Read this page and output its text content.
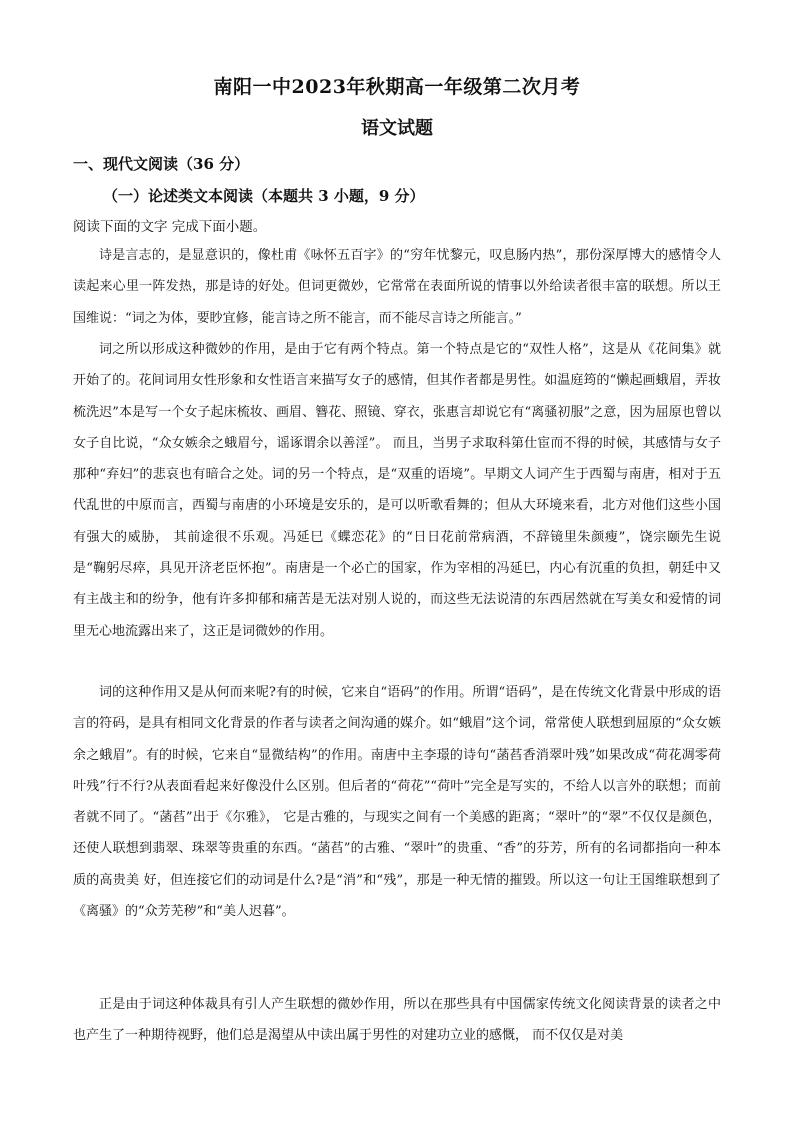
南阳一中2023年秋期高一年级第二次月考
语文试题
一、现代文阅读（36 分）
（一）论述类文本阅读（本题共 3 小题，9 分）
阅读下面的文字 完成下面小题。

诗是言志的，是显意识的，像杜甫《咏怀五百字》的“穷年忧黎元，叹息肠内热”，那份深厚博大的感情令人读起来心里一阵发热，那是诗的好处。但词更微妙，它常常在表面所说的情事以外给读者很丰富的联想。所以王国维说：“词之为体，要眇宜修，能言诗之所不能言，而不能尽言诗之所能言。”

词之所以形成这种微妙的作用，是由于它有两个特点。第一个特点是它的“双性人格”，这是从《花间集》就开始了的。花间词用女性形象和女性语言来描写女子的感情，但其作者都是男性。如温庭筠的“懒起画蛾眉，弄妆梳洗迟”本是写一个女子起床梳妆、画眉、簪花、照镜、穿衣，张惠言却说它有“离骚初服”之意，因为屈原也曾以女子自比说，“众女嫉余之蛾眉兮，谣诼谓余以善淫”。 而且，当男子求取科第仕宦而不得的时候，其感情与女子那种“弃妇”的悲哀也有暗合之处。词的另一个特点，是“双重的语境”。早期文人词产生于西蜀与南唐，相对于五代乱世的中原而言，西蜀与南唐的小环境是安乐的，是可以听歌看舞的；但从大环境来看，北方对他们这些小国有强大的威胁， 其前途很不乐观。冯延巳《蝶恋花》的“日日花前常病酒，不辞镜里朱颜瘦”，饶宗颐先生说是“鞠躬尽瘁，具见开济老臣怀抱”。南唐是一个必亡的国家，作为宰相的冯延巳，内心有沉重的负担，朝廷中又有主战主和的纷争，他有许多抑郁和痛苦是无法对别人说的，而这些无法说清的东西居然就在写美女和爱情的词里无心地流露出来了，这正是词微妙的作用。

词的这种作用又是从何而来呢?有的时候，它来自“语码”的作用。所谓“语码”，是在传统文化背景中形成的语言的符码，是具有相同文化背景的作者与读者之间沟通的媒介。如“蛾眉”这个词，常常使人联想到屈原的“众女嫉余之蛾眉”。有的时候，它来自“显微结构”的作用。南唐中主李璟的诗句“菡萏香消翠叶残”如果改成“荷花凋零荷叶残”行不行?从表面看起来好像没什么区别。但后者的“荷花”“荷叶”完全是写实的，不给人以言外的联想；而前者就不同了。“菡萏”出于《尔雅》， 它是古雅的，与现实之间有一个美感的距离；“翠叶”的“翠”不仅仅是颜色，还使人联想到翡翠、珠翠等贵重的东西。“菡萏”的古雅、“翠叶”的贵重、“香”的芬芳，所有的名词都指向一种本质的高贵美 好，但连接它们的动词是什么?是“消”和“残”，那是一种无情的摧毁。所以这一句让王国维联想到了《离骚》的“众芳芜秽”和“美人迟暮”。

正是由于词这种体裁具有引人产生联想的微妙作用，所以在那些具有中国儒家传统文化阅读背景的读者之中也产生了一种期待视野，他们总是渴望从中读出属于男性的对建功立业的感慨， 而不仅仅是对美
